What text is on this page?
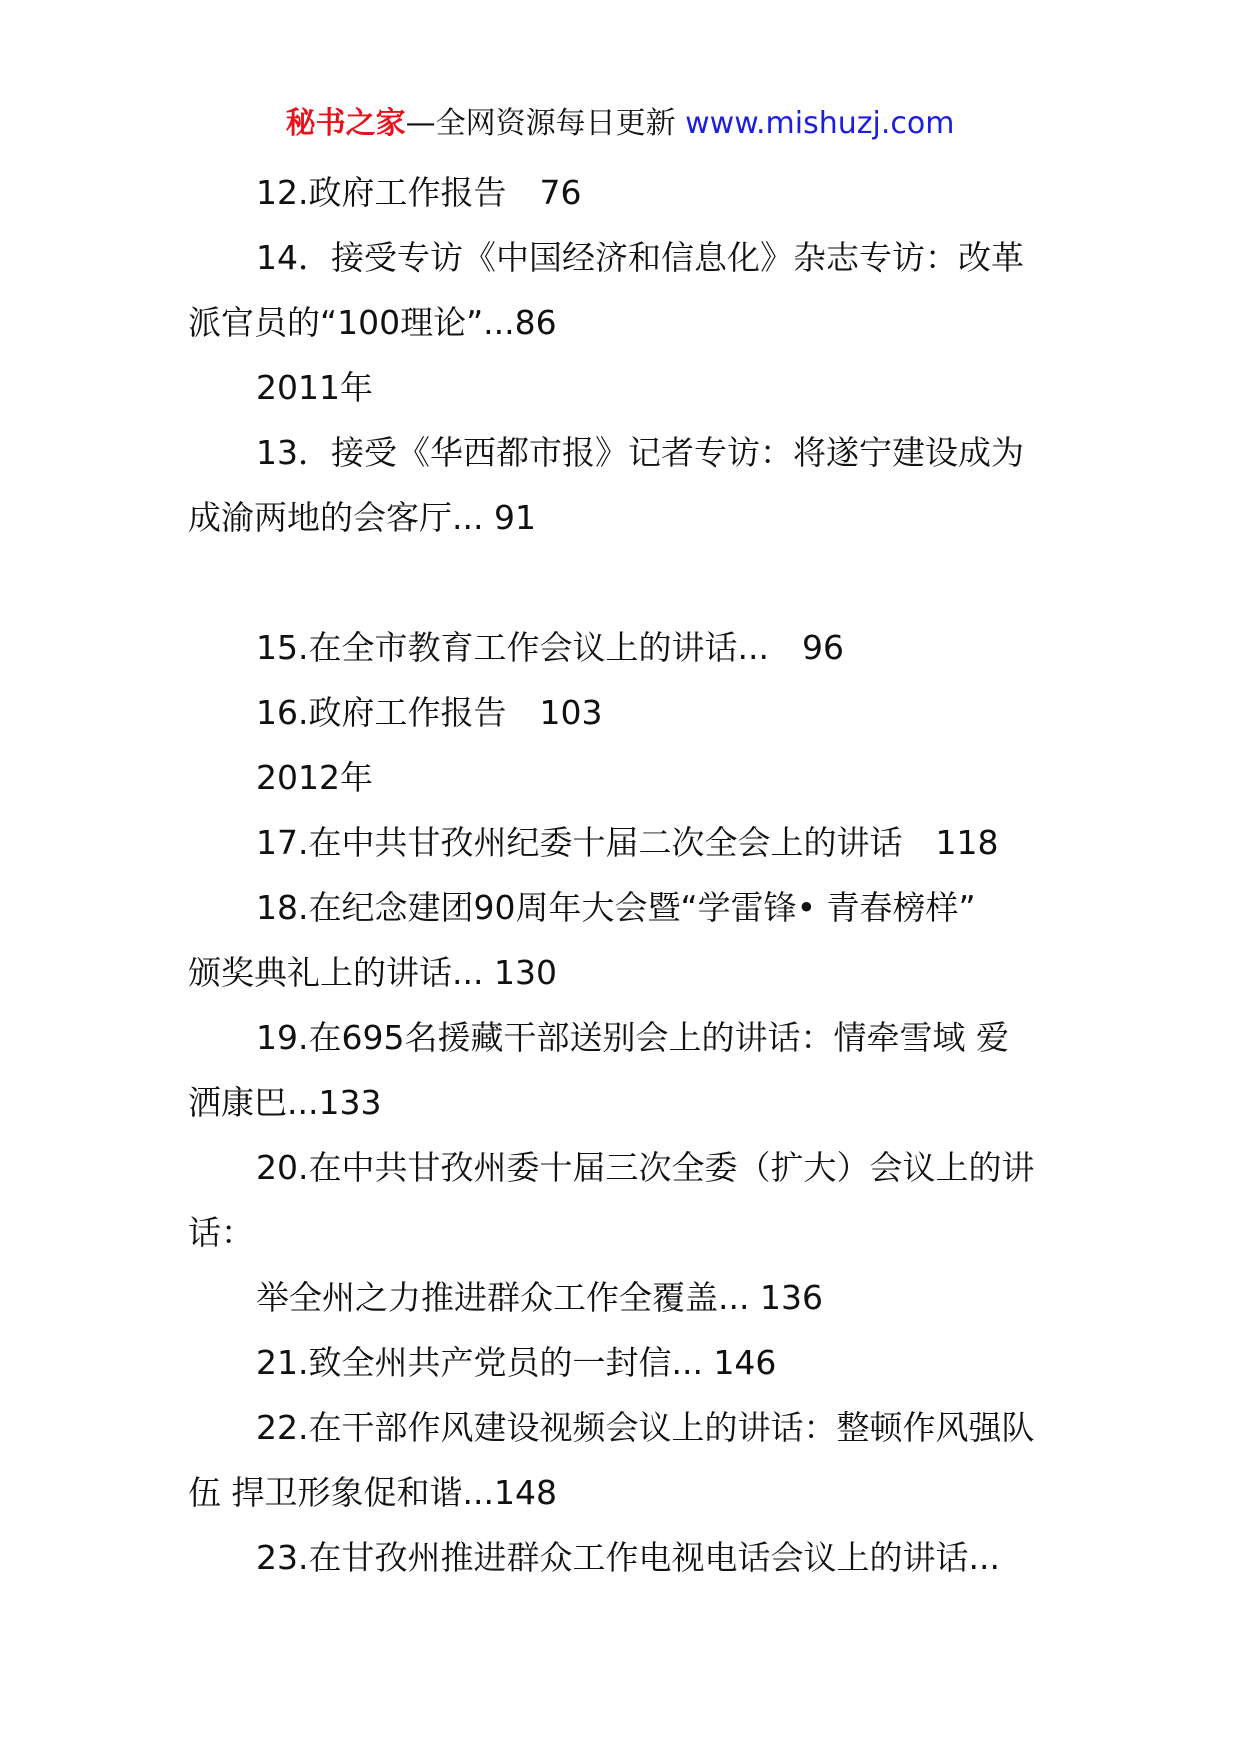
秘书之家—全网资源每日更新 www.mishuzj.com
12.政府工作报告　76
14．接受专访《中国经济和信息化》杂志专访：改革
派官员的“100理论”...86
2011年
13．接受《华西都市报》记者专访：将遂宁建设成为
成渝两地的会客厅... 91
15.在全市教育工作会议上的讲话...　96
16.政府工作报告　103
2012年
17.在中共甘孜州纪委十届二次全会上的讲话　118
18.在纪念建团90周年大会暨“学雷锋• 青春榜样”
颁奖典礼上的讲话... 130
19.在695名援藏干部送别会上的讲话：情牵雪域 爱
洒康巴...133
20.在中共甘孜州委十届三次全委（扩大）会议上的讲
话：
举全州之力推进群众工作全覆盖... 136
21.致全州共产党员的一封信... 146
22.在干部作风建设视频会议上的讲话：整顿作风强队
伍 捍卫形象促和谐...148
23.在甘孜州推进群众工作电视电话会议上的讲话...
